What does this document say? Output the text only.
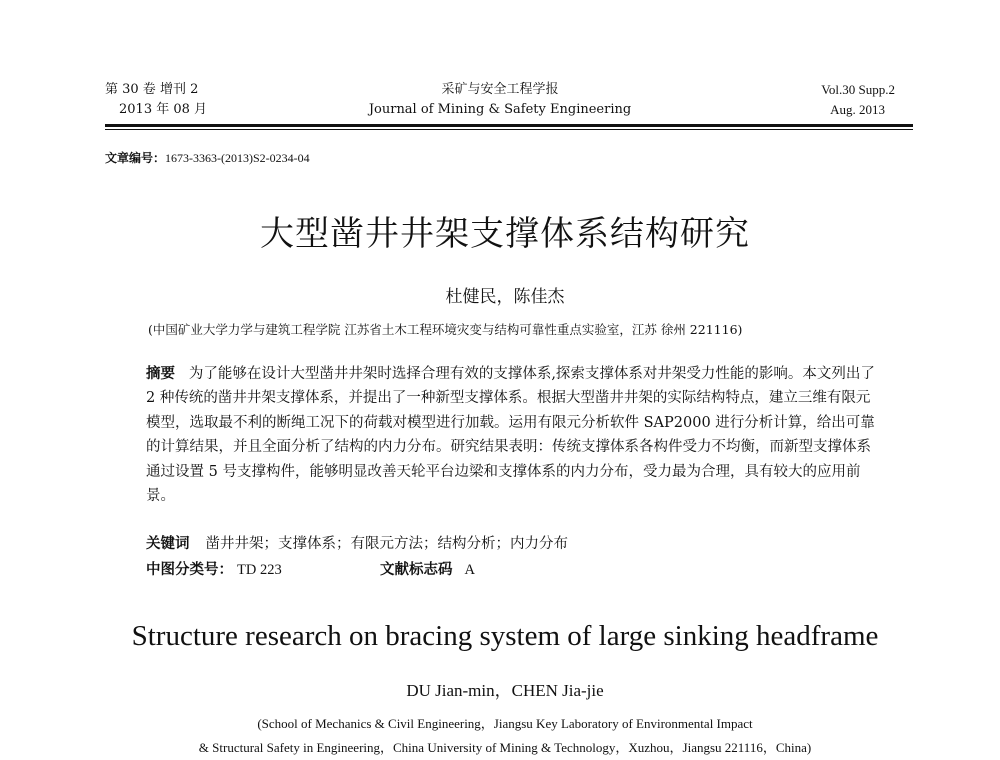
第 30 卷 增刊 2
2013 年 08 月
采矿与安全工程学报
Journal of Mining & Safety Engineering
Vol.30 Supp.2
Aug. 2013
文章编号：1673-3363-(2013)S2-0234-04
大型凿井井架支撑体系结构研究
杜健民，陈佳杰
(中国矿业大学力学与建筑工程学院 江苏省土木工程环境灾变与结构可靠性重点实验室，江苏 徐州 221116)
摘要 为了能够在设计大型凿井井架时选择合理有效的支撑体系,探索支撑体系对井架受力性能的影响。本文列出了 2 种传统的凿井井架支撑体系，并提出了一种新型支撑体系。根据大型凿井井架的实际结构特点，建立三维有限元模型，选取最不利的断绳工况下的荷载对模型进行加载。运用有限元分析软件 SAP2000 进行分析计算，给出可靠的计算结果，并且全面分析了结构的内力分布。研究结果表明：传统支撑体系各构件受力不均衡，而新型支撑体系通过设置 5 号支撑构件，能够明显改善天轮平台边梁和支撑体系的内力分布，受力最为合理，具有较大的应用前景。
关键词 凿井井架；支撑体系；有限元方法；结构分析；内力分布
中图分类号： TD 223	文献标志码 A
Structure research on bracing system of large sinking headframe
DU Jian-min，CHEN Jia-jie
(School of Mechanics & Civil Engineering，Jiangsu Key Laboratory of Environmental Impact
& Structural Safety in Engineering，China University of Mining & Technology，Xuzhou，Jiangsu 221116，China)
